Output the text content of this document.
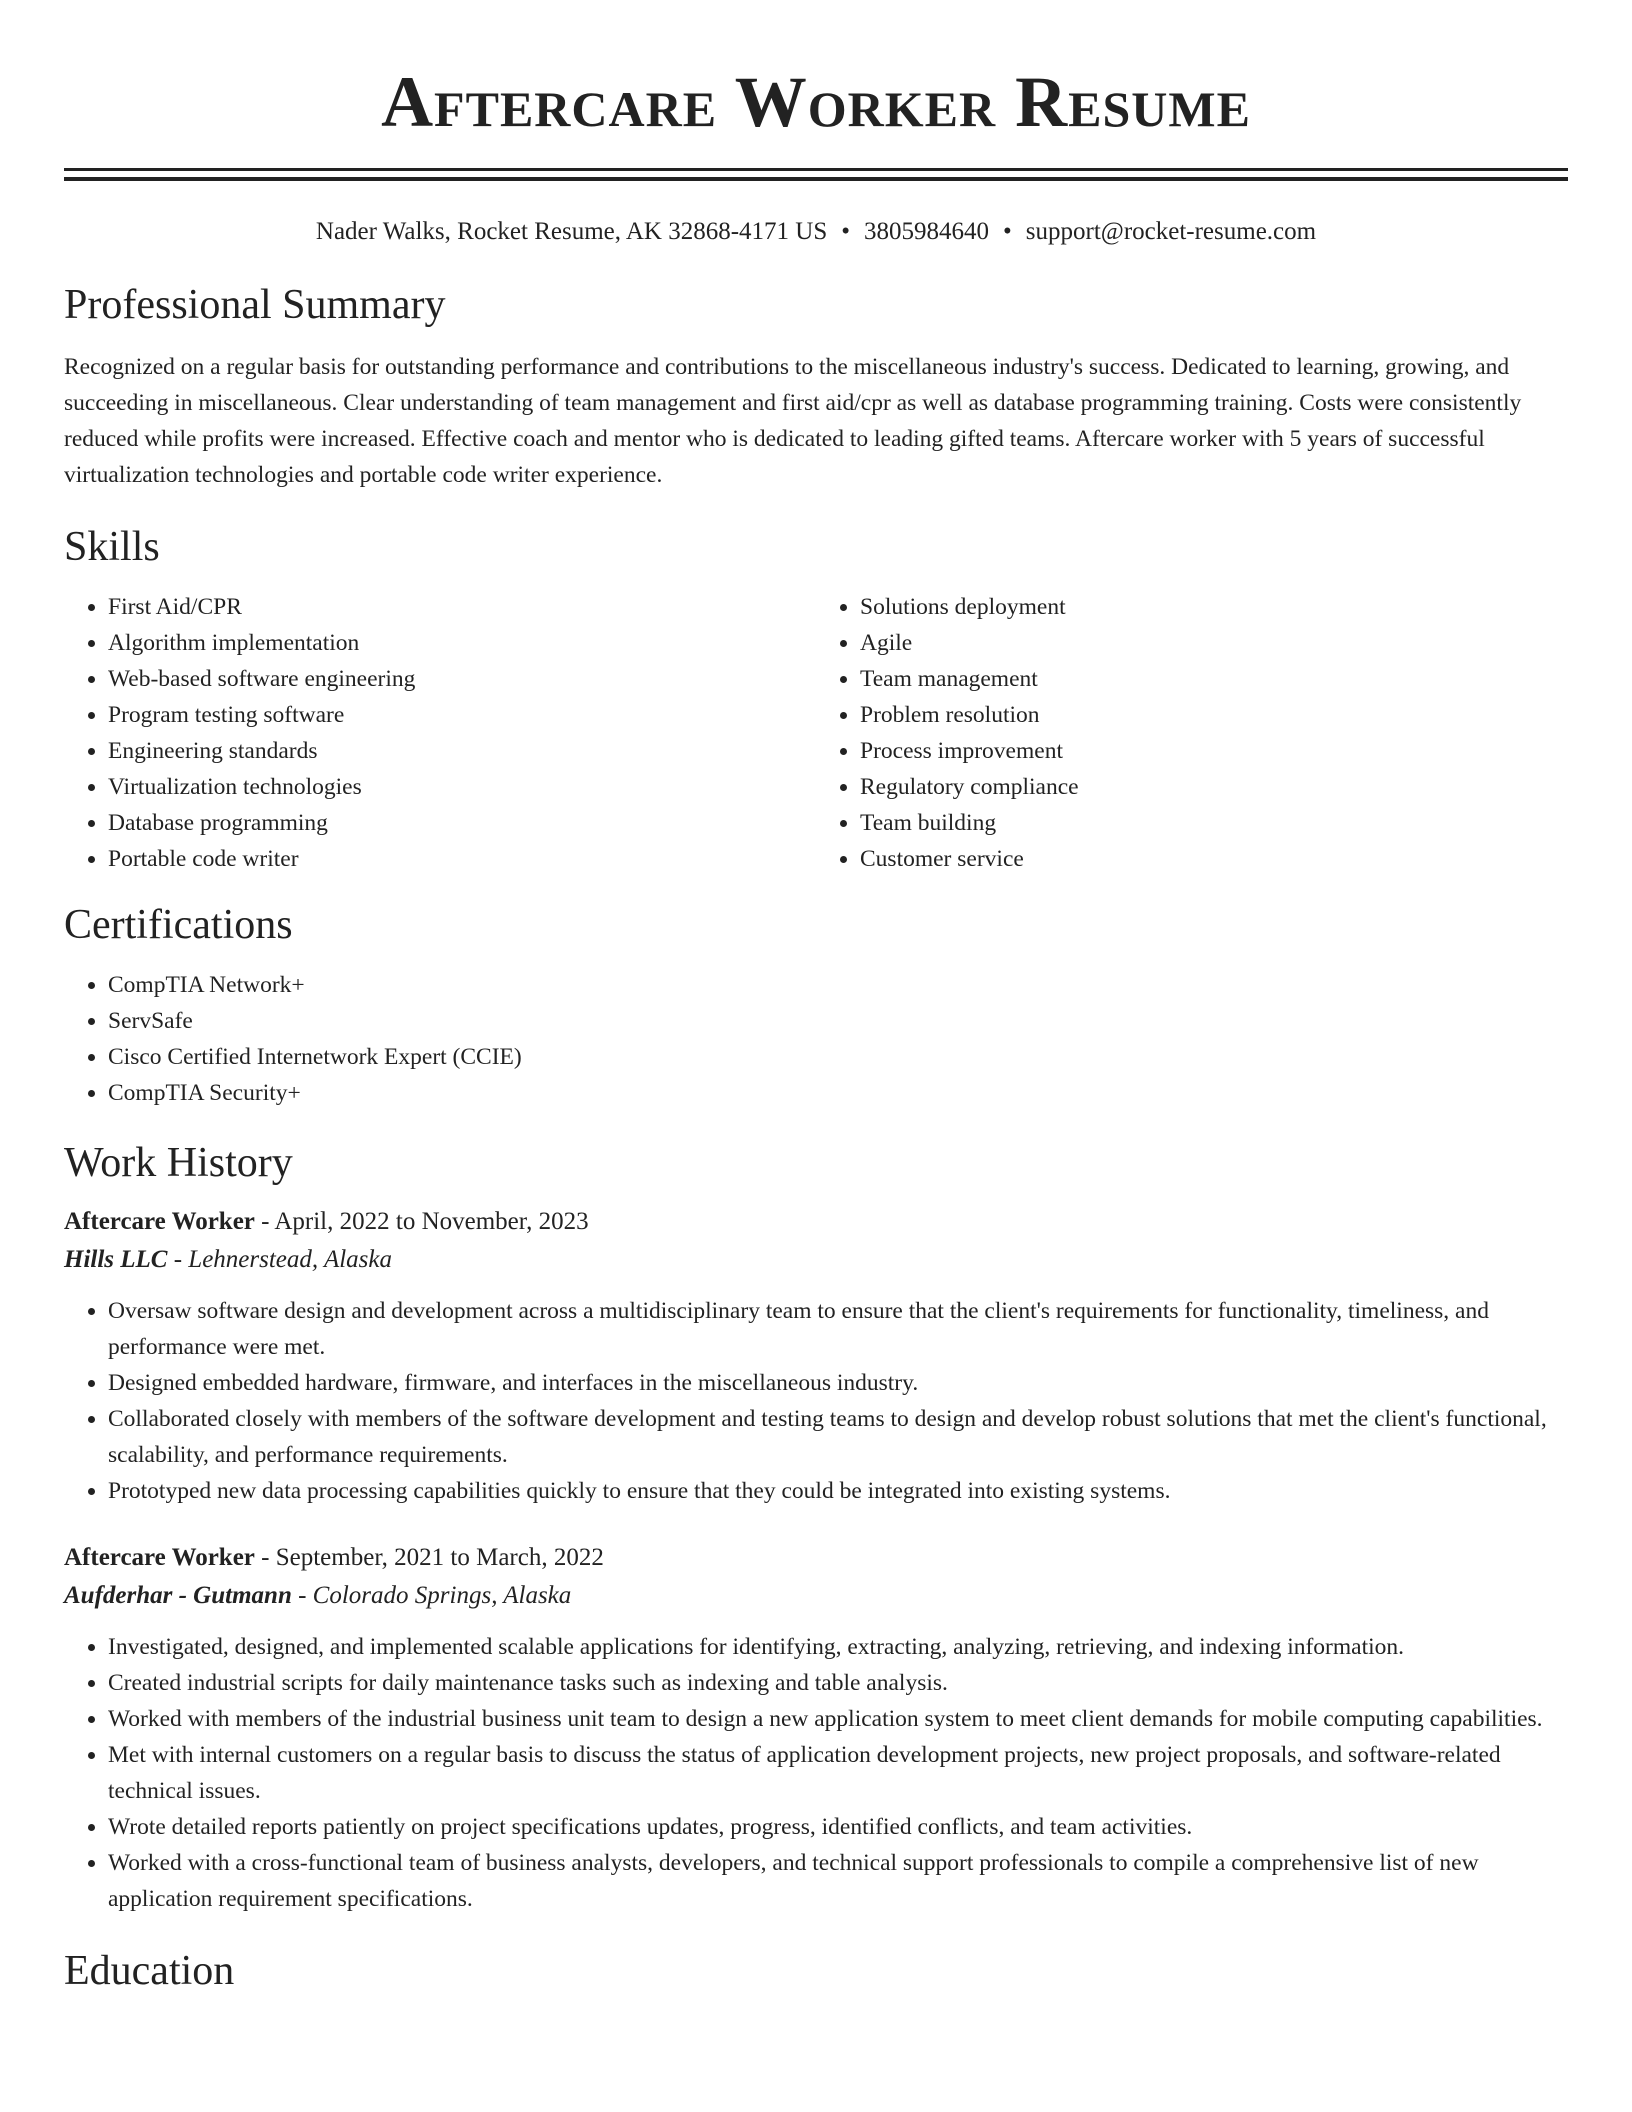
Aftercare Worker Resume
Nader Walks, Rocket Resume, AK 32868-4171 US • 3805984640 • support@rocket-resume.com
Professional Summary

Recognized on a regular basis for outstanding performance and contributions to the miscellaneous industry's success. Dedicated to learning, growing, and succeeding in miscellaneous. Clear understanding of team management and first aid/cpr as well as database programming training. Costs were consistently reduced while profits were increased. Effective coach and mentor who is dedicated to leading gifted teams. Aftercare worker with 5 years of successful virtualization technologies and portable code writer experience.

Skills
• First Aid/CPR
• Algorithm implementation
• Web-based software engineering
• Program testing software
• Engineering standards
• Virtualization technologies
• Database programming
• Portable code writer
• Solutions deployment
• Agile
• Team management
• Problem resolution
• Process improvement
• Regulatory compliance
• Team building
• Customer service
Certifications
• CompTIA Network+
• ServSafe
• Cisco Certified Internetwork Expert (CCIE)
• CompTIA Security+
Work History
Aftercare Worker - April, 2022 to November, 2023
Hills LLC - Lehnerstead, Alaska
• Oversaw software design and development across a multidisciplinary team to ensure that the client's requirements for functionality, timeliness, and performance were met.
• Designed embedded hardware, firmware, and interfaces in the miscellaneous industry.
• Collaborated closely with members of the software development and testing teams to design and develop robust solutions that met the client's functional, scalability, and performance requirements.
• Prototyped new data processing capabilities quickly to ensure that they could be integrated into existing systems.
Aftercare Worker - September, 2021 to March, 2022
Aufderhar - Gutmann - Colorado Springs, Alaska
• Investigated, designed, and implemented scalable applications for identifying, extracting, analyzing, retrieving, and indexing information.
• Created industrial scripts for daily maintenance tasks such as indexing and table analysis.
• Worked with members of the industrial business unit team to design a new application system to meet client demands for mobile computing capabilities.
• Met with internal customers on a regular basis to discuss the status of application development projects, new project proposals, and software-related technical issues.
• Wrote detailed reports patiently on project specifications updates, progress, identified conflicts, and team activities.
• Worked with a cross-functional team of business analysts, developers, and technical support professionals to compile a comprehensive list of new application requirement specifications.
Education
